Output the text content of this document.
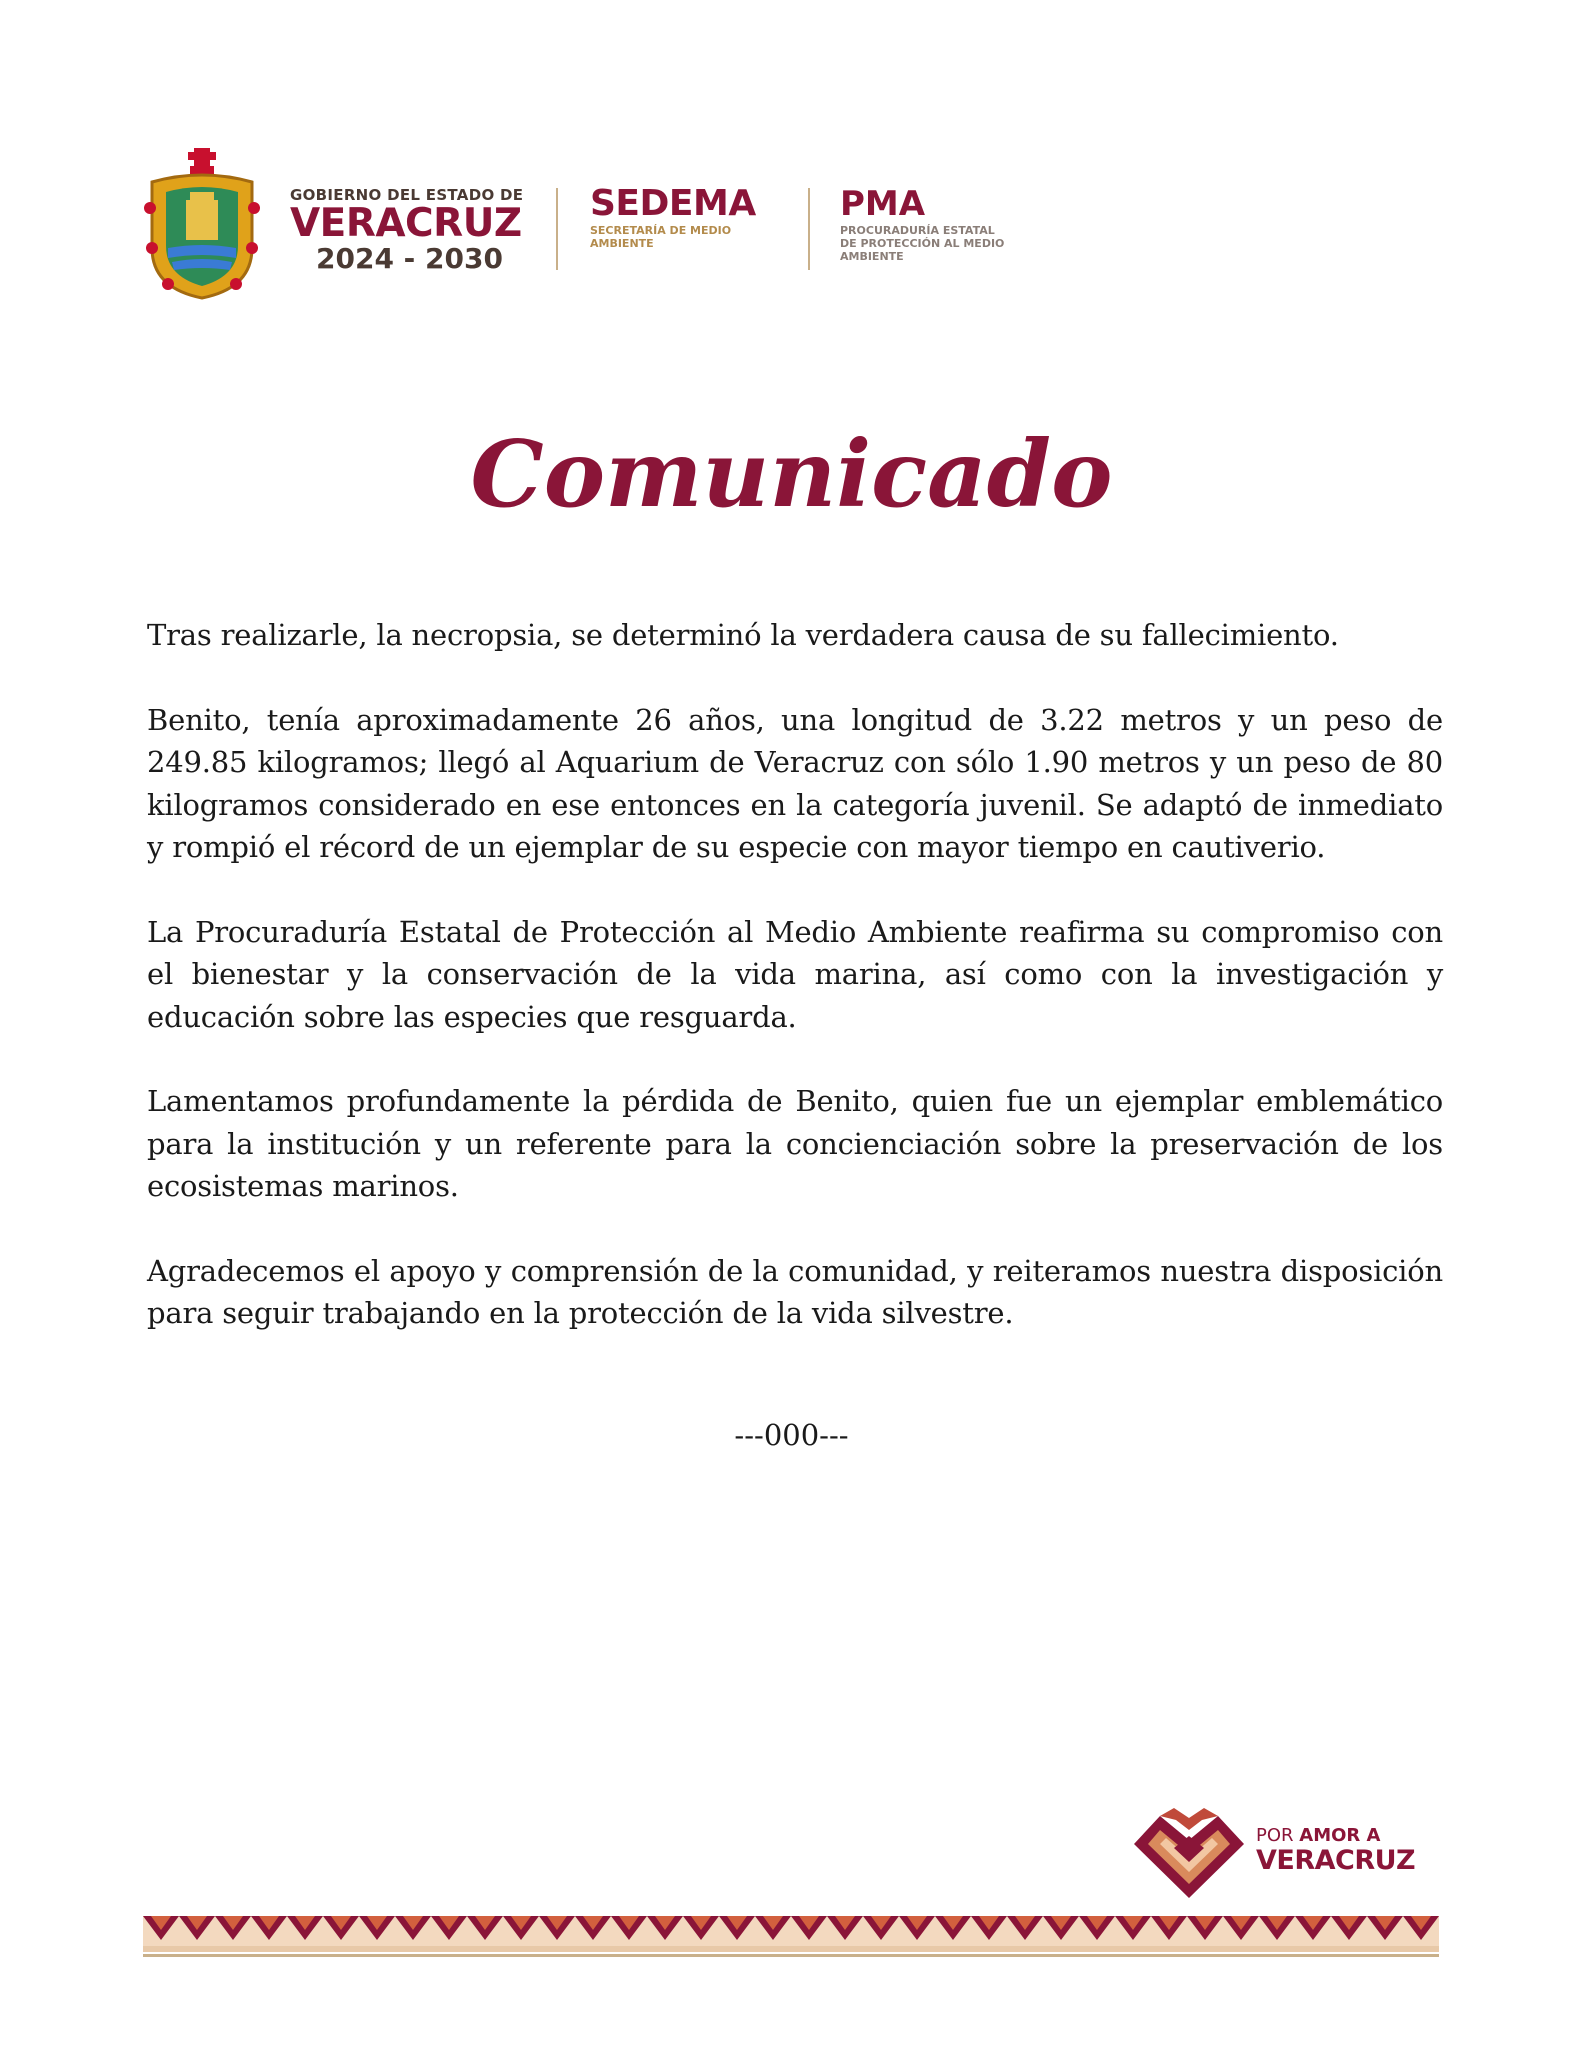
GOBIERNO DEL ESTADO DE
VERACRUZ
2024 - 2030
SEDEMA
SECRETARÍA DE MEDIO AMBIENTE
PMA
PROCURADURÍA ESTATAL DE PROTECCIÓN AL MEDIO AMBIENTE
Comunicado

Tras realizarle, la necropsia, se determinó la verdadera causa de su fallecimiento.

Benito, tenía aproximadamente 26 años, una longitud de 3.22 metros y un peso de 249.85 kilogramos; llegó al Aquarium de Veracruz con sólo 1.90 metros y un peso de 80 kilogramos considerado en ese entonces en la categoría juvenil. Se adaptó de inmediato y rompió el récord de un ejemplar de su especie con mayor tiempo en cautiverio.

La Procuraduría Estatal de Protección al Medio Ambiente reafirma su compromiso con el bienestar y la conservación de la vida marina, así como con la investigación y educación sobre las especies que resguarda.

Lamentamos profundamente la pérdida de Benito, quien fue un ejemplar emblemático para la institución y un referente para la concienciación sobre la preservación de los ecosistemas marinos.

Agradecemos el apoyo y comprensión de la comunidad, y reiteramos nuestra disposición para seguir trabajando en la protección de la vida silvestre.

---000---
POR AMOR A
VERACRUZ
